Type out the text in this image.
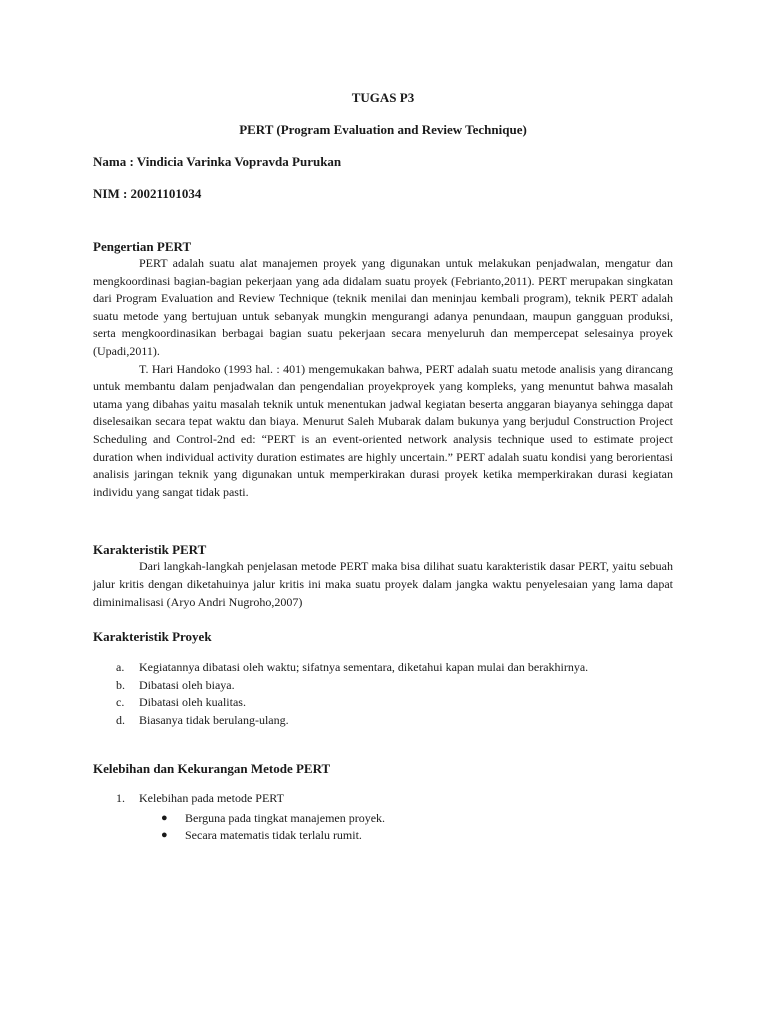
TUGAS P3

PERT (Program Evaluation and Review Technique)

Nama : Vindicia Varinka Vopravda Purukan

NIM : 20021101034

Pengertian PERT

PERT adalah suatu alat manajemen proyek yang digunakan untuk melakukan penjadwalan, mengatur dan mengkoordinasi bagian-bagian pekerjaan yang ada didalam suatu proyek (Febrianto,2011). PERT merupakan singkatan dari Program Evaluation and Review Technique (teknik menilai dan meninjau kembali program), teknik PERT adalah suatu metode yang bertujuan untuk sebanyak mungkin mengurangi adanya penundaan, maupun gangguan produksi, serta mengkoordinasikan berbagai bagian suatu pekerjaan secara menyeluruh dan mempercepat selesainya proyek (Upadi,2011).

T. Hari Handoko (1993 hal. : 401) mengemukakan bahwa, PERT adalah suatu metode analisis yang dirancang untuk membantu dalam penjadwalan dan pengendalian proyekproyek yang kompleks, yang menuntut bahwa masalah utama yang dibahas yaitu masalah teknik untuk menentukan jadwal kegiatan beserta anggaran biayanya sehingga dapat diselesaikan secara tepat waktu dan biaya. Menurut Saleh Mubarak dalam bukunya yang berjudul Construction Project Scheduling and Control-2nd ed: “PERT is an event-oriented network analysis technique used to estimate project duration when individual activity duration estimates are highly uncertain.” PERT adalah suatu kondisi yang berorientasi analisis jaringan teknik yang digunakan untuk memperkirakan durasi proyek ketika memperkirakan durasi kegiatan individu yang sangat tidak pasti.

Karakteristik PERT

Dari langkah-langkah penjelasan metode PERT maka bisa dilihat suatu karakteristik dasar PERT, yaitu sebuah jalur kritis dengan diketahuinya jalur kritis ini maka suatu proyek dalam jangka waktu penyelesaian yang lama dapat diminimalisasi (Aryo Andri Nugroho,2007)

Karakteristik Proyek
a.	Kegiatannya dibatasi oleh waktu; sifatnya sementara, diketahui kapan mulai dan berakhirnya.
b.	Dibatasi oleh biaya.
c.	Dibatasi oleh kualitas.
d.	Biasanya tidak berulang-ulang.
Kelebihan dan Kekurangan Metode PERT
1.	Kelebihan pada metode PERT
●	Berguna pada tingkat manajemen proyek.
●	Secara matematis tidak terlalu rumit.
